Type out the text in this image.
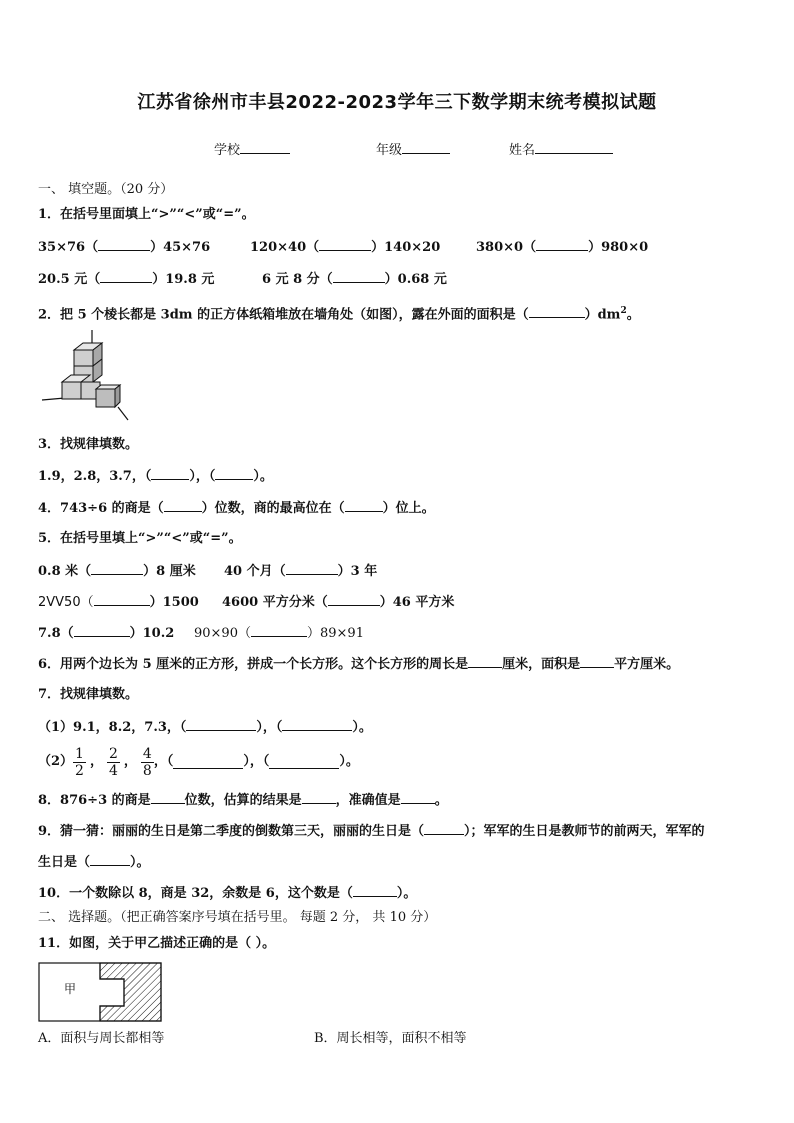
江苏省徐州市丰县2022-2023学年三下数学期末统考模拟试题
学校	年级	姓名
一、 填空题。（20 分）
1．在括号里面填上“>”“<”或“=”。
35×76（	）45×76	120×40（	）140×20	380×0（	）980×0
20.5 元（	）19.8 元	6 元 8 分（	）0.68 元
2．把 5 个棱长都是 3dm 的正方体纸箱堆放在墙角处（如图），露在外面的面积是（	）$dm^2$。
3．找规律填数。
1.9，2.8，3.7，（	），（	）。
4．743÷6 的商是（	）位数，商的最高位在（	）位上。
5．在括号里填上“>”“<”或“=”。
0.8 米（	）8 厘米 40 个月（	）3 年
2VV50（	）1500 4600 平方分米（	）46 平方米
7.8（	）10.2 90×90（	）89×91
6．用两个边长为 5 厘米的正方形，拼成一个长方形。这个长方形的周长是	厘米，面积是	平方厘米。
7．找规律填数。
（1）9.1，8.2，7.3，（	），（	）。
$(2) \frac{1}{2}$ ， $\frac{2}{4}$ ， $\frac{4}{8}$ ，（	），（	）。
8．876÷3 的商是	位数，估算的结果是	，准确值是	。
9．猜一猜：丽丽的生日是第二季度的倒数第三天，丽丽的生日是（	）；军军的生日是教师节的前两天，军军的
生日是（	）。
10．一个数除以 8，商是 32，余数是 6，这个数是（	）。
二、 选择题。（把正确答案序号填在括号里。 每题 2 分， 共 10 分）
11．如图，关于甲乙描述正确的是（ ）。
甲
A．面积与周长都相等	B．周长相等，面积不相等
